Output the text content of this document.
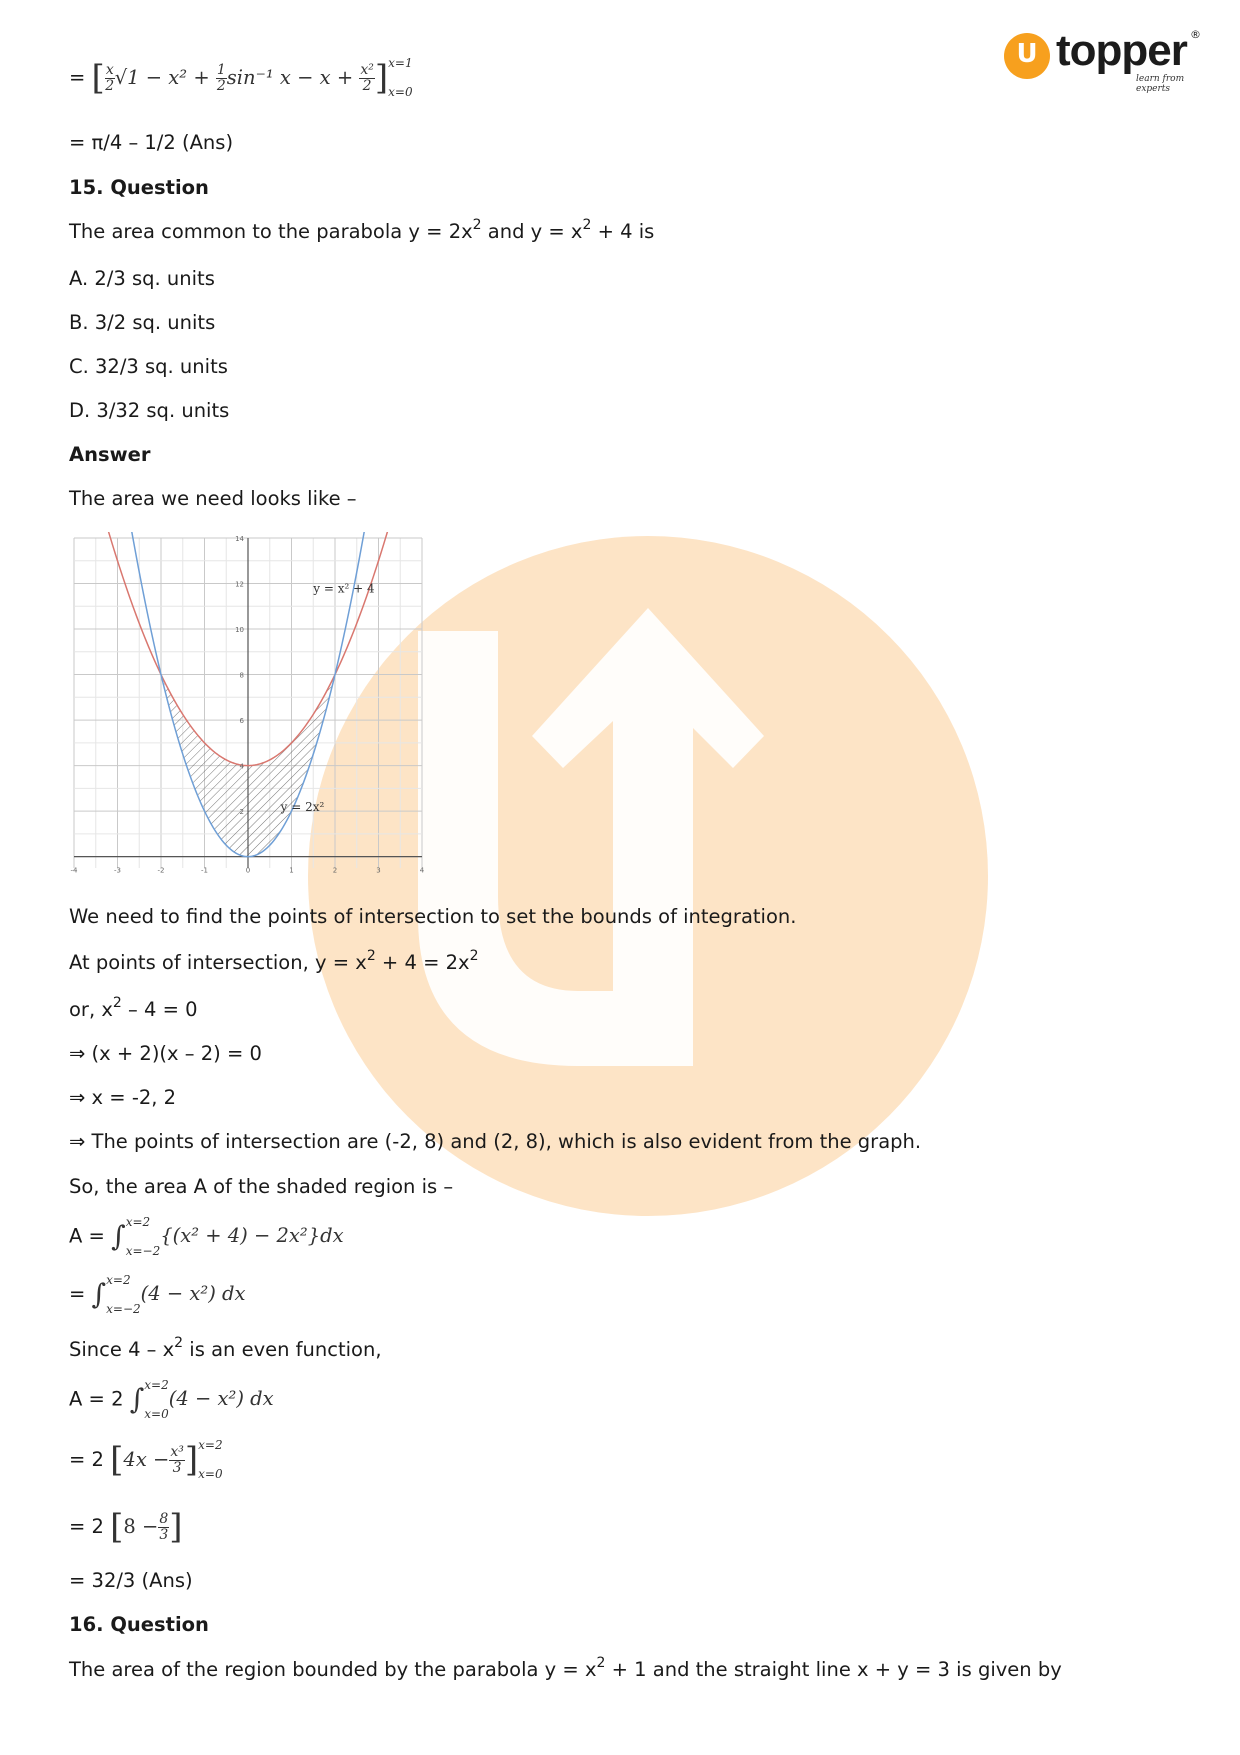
U topper ®
learn from experts
= [ $\frac{x}{2} √1 - x^2 + \frac{1}{2} \sin^{-1}$ $x - x + \frac{\text{x²}}{2}$ ] x=1
x=0
= π/4 – 1/2 (Ans)
15. Question
The area common to the parabola $y = 2x^2$ and $y = x^2 + 4$ is
A. 2/3 sq. units
B. 3/2 sq. units
C. 32/3 sq. units
D. 3/32 sq. units
Answer
The area we need looks like –
-4	-3	-2	-1	0	1	2	3	4
2
4
6
8
10
12
14
y = x² + 4
y = 2x²
We need to find the points of intersection to set the bounds of integration.
At points of intersection, $y = x^2 + 4 = 2x^2$
or, $x^2 - 4 = 0$
⇒ (x + 2)(x – 2) = 0
⇒ x = -2, 2
⇒ The points of intersection are (-2, 8) and (2, 8), which is also evident from the graph.
So, the area A of the shaded region is –
A = ∫ x=2
x=−2
{(x² + 4) − 2x²}dx
= ∫ x=2
x=−2
(4 − x²) dx
Since $4 - x^2$ is an even function,
A = 2 ∫ x=2
x=0
(4 − x²) dx
= 2 [$4x - \frac{\text{x³}}{3}$ ] x=2
x=0
= 2 [$8 - \frac{8}{3}$ ]
= 32/3 (Ans)
16. Question
The area of the region bounded by the parabola $y = x^2 + 1$ and the straight line x + y = 3 is given by
